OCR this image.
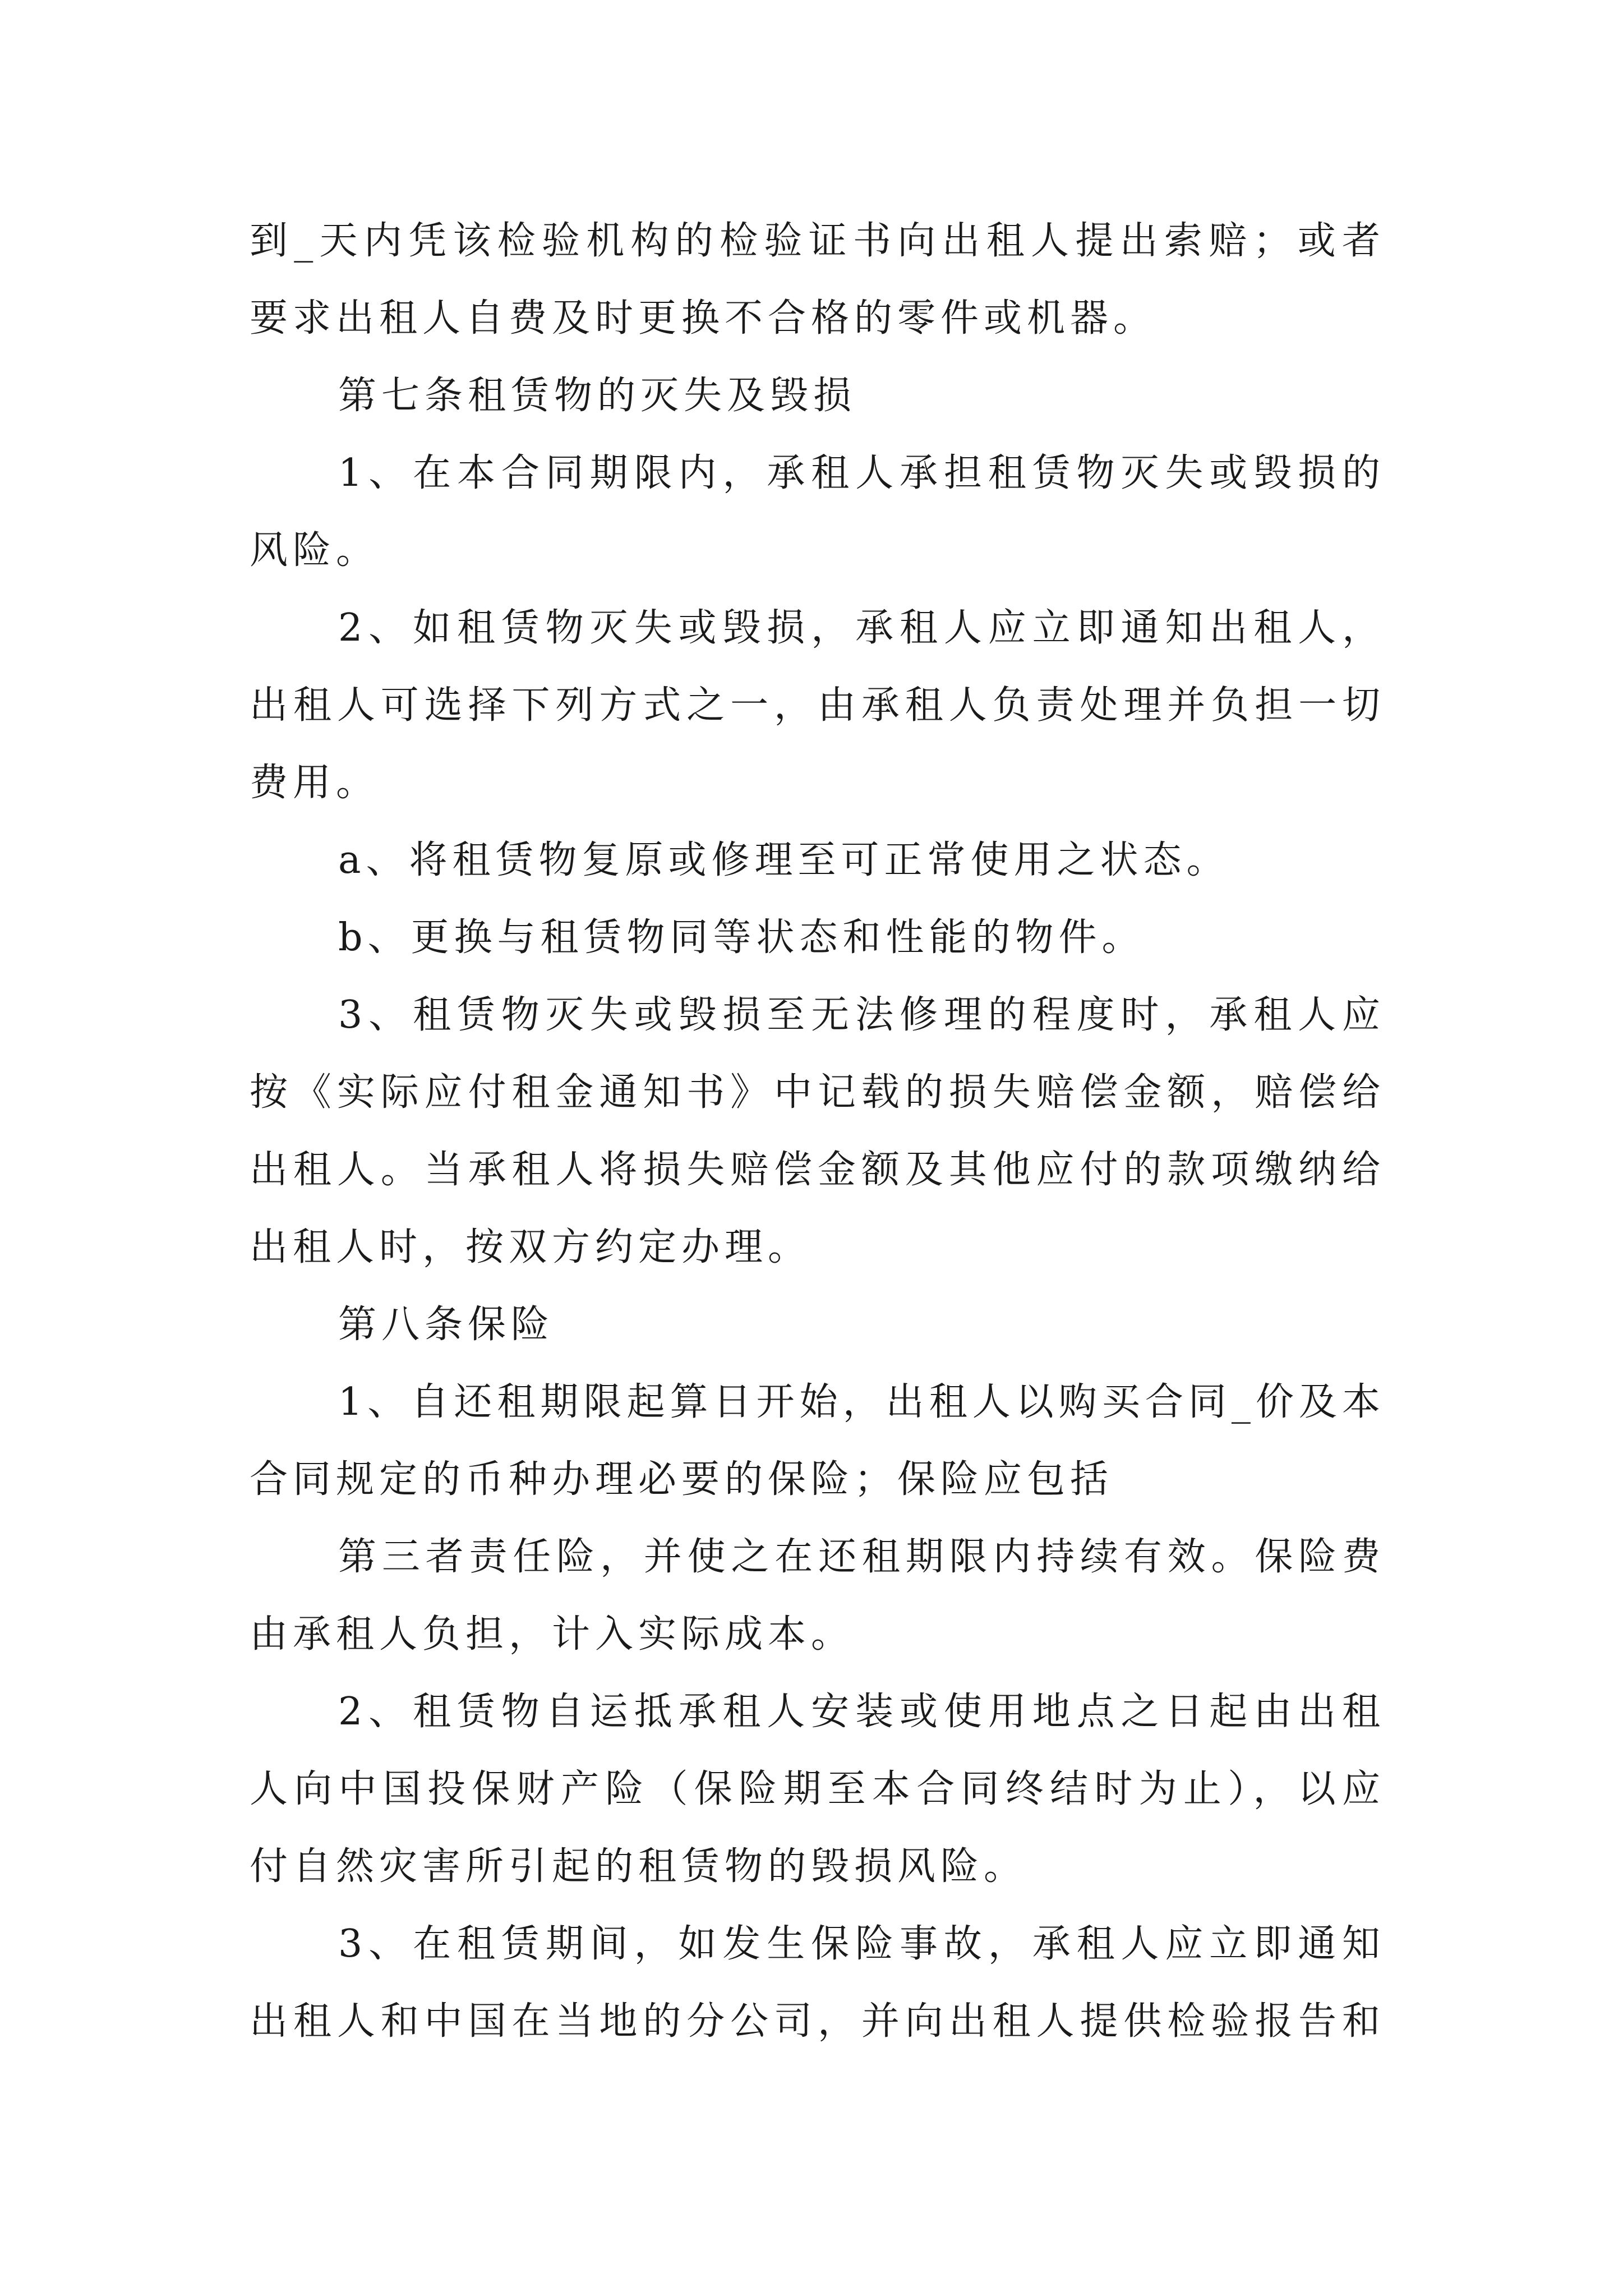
到_天内凭该检验机构的检验证书向出租人提出索赔；或者

要求出租人自费及时更换不合格的零件或机器。

第七条租赁物的灭失及毁损

1、在本合同期限内，承租人承担租赁物灭失或毁损的

风险。

2、如租赁物灭失或毁损，承租人应立即通知出租人，

出租人可选择下列方式之一，由承租人负责处理并负担一切

费用。

a、将租赁物复原或修理至可正常使用之状态。

b、更换与租赁物同等状态和性能的物件。

3、租赁物灭失或毁损至无法修理的程度时，承租人应

按《实际应付租金通知书》中记载的损失赔偿金额，赔偿给

出租人。当承租人将损失赔偿金额及其他应付的款项缴纳给

出租人时，按双方约定办理。

第八条保险

1、自还租期限起算日开始，出租人以购买合同_价及本

合同规定的币种办理必要的保险；保险应包括

第三者责任险，并使之在还租期限内持续有效。保险费

由承租人负担，计入实际成本。

2、租赁物自运抵承租人安装或使用地点之日起由出租

人向中国投保财产险（保险期至本合同终结时为止），以应

付自然灾害所引起的租赁物的毁损风险。

3、在租赁期间，如发生保险事故，承租人应立即通知

出租人和中国在当地的分公司，并向出租人提供检验报告和
